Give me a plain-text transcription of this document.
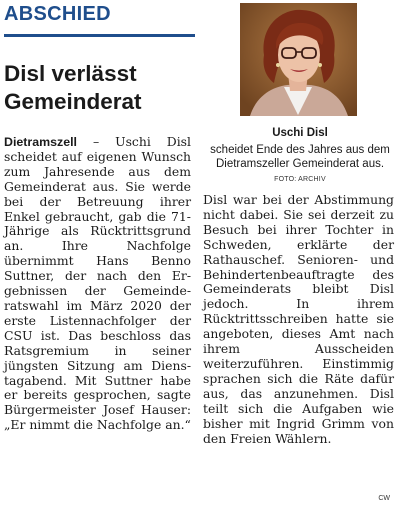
ABSCHIED
Disl verlässt Gemeinderat

Uschi Disl

scheidet Ende des Jahres aus dem Dietramszeller Gemeinderat aus. FOTO: ARCHIV

Dietramszell – Uschi Disl scheidet auf eigenen Wunsch zum Jahresende aus dem Gemeinderat aus. Sie werde bei der Betreuung ihrer Enkel gebraucht, gab die 71-Jährige als Rücktrittsgrund an. Ihre Nachfolge übernimmt Hans Benno Suttner, der nach den Ergebnissen der Gemeinderatswahl im März 2020 der erste Listennachfolger der CSU ist. Das beschloss das Ratsgremium in seiner jüngsten Sitzung am Dienstagabend. Mit Suttner habe er bereits gesprochen, sagte Bürgermeister Josef Hauser: „Er nimmt die Nachfolge an.“

Disl war bei der Abstimmung nicht dabei. Sie sei derzeit zu Besuch bei ihrer Tochter in Schweden, erklärte der Rathauschef. Senioren- und Behindertenbeauftragte des Gemeinderats bleibt Disl jedoch. In ihrem Rücktrittsschreiben hatte sie angeboten, dieses Amt nach ihrem Ausscheiden weiterzuführen. Einstimmig sprachen sich die Räte dafür aus, das anzunehmen. Disl teilt sich die Aufgaben wie bisher mit Ingrid Grimm von den Freien Wählern.

CW
